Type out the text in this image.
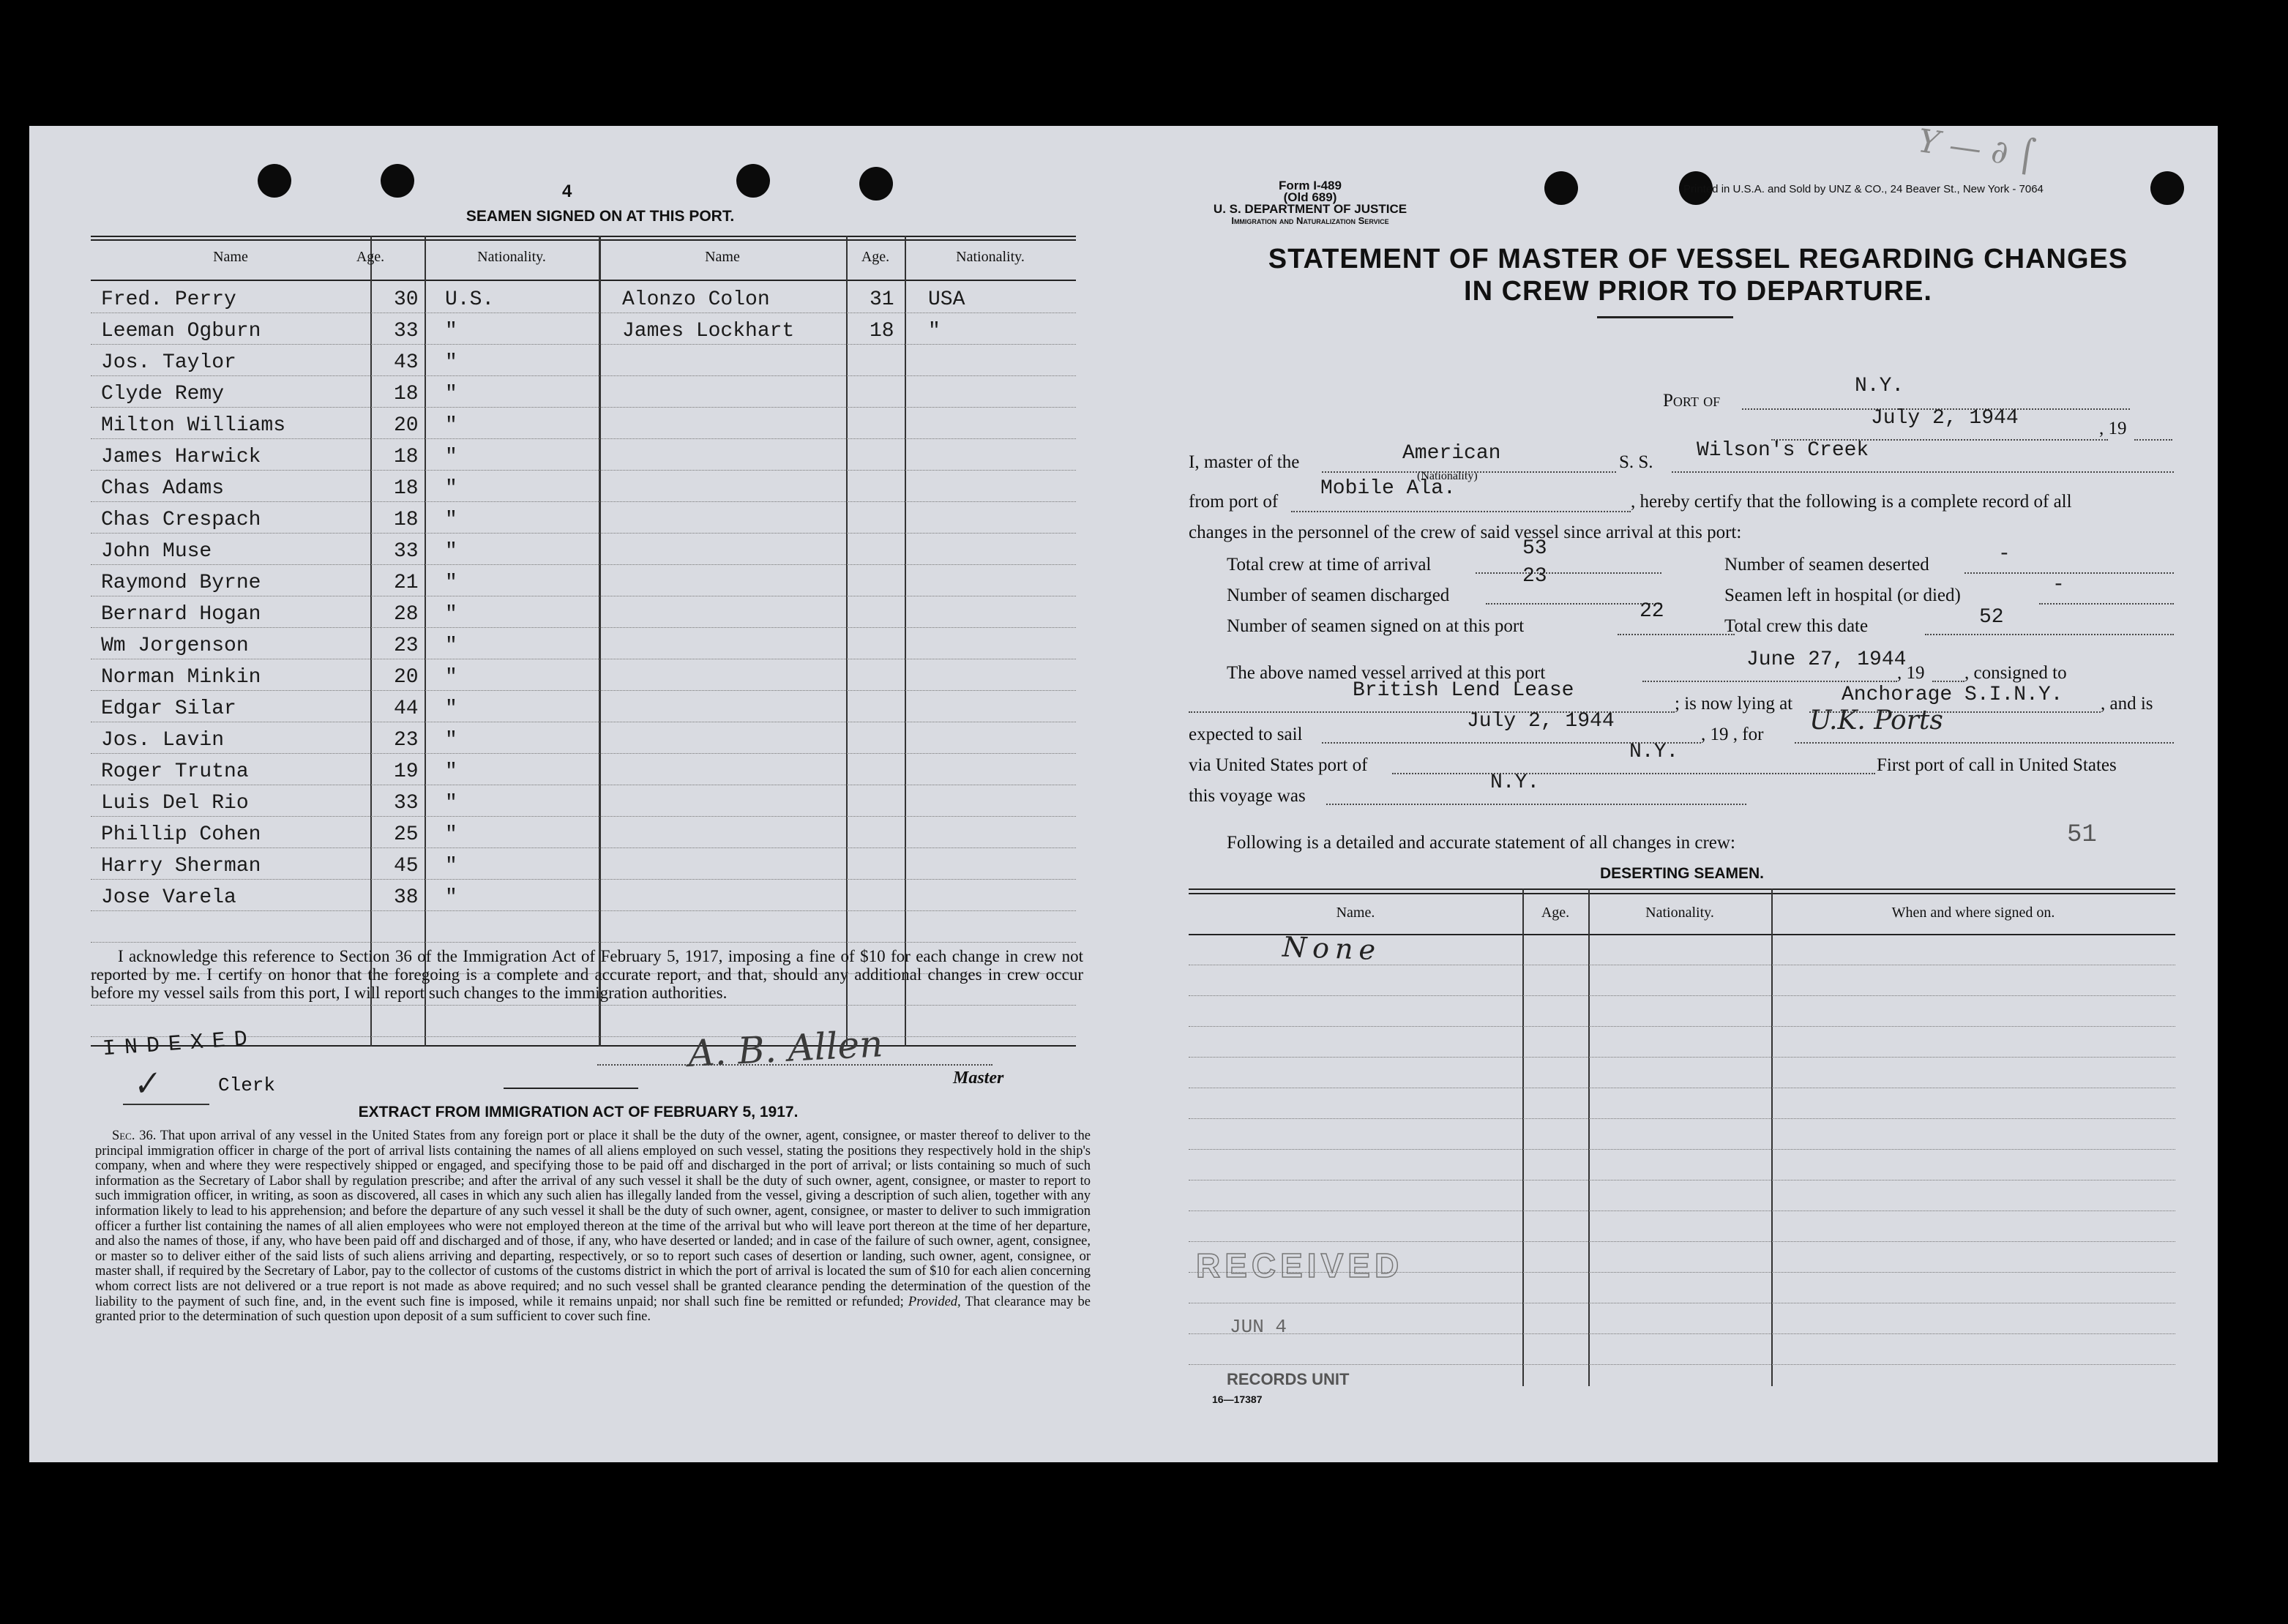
4
SEAMEN SIGNED ON AT THIS PORT.
Name	Age.	Nationality.	Name	Age.	Nationality.
Fred. Perry	30 U.S.	Alonzo Colon	31 USA
Leeman Ogburn	33 "	James Lockhart	18 "
Jos. Taylor	43 "
Clyde Remy	18 "
Milton Williams	20 "
James Harwick	18 "
Chas Adams	18 "
Chas Crespach	18 "
John Muse	33 "
Raymond Byrne	21 "
Bernard Hogan	28 "
Wm Jorgenson	23 "
Norman Minkin	20 "
Edgar Silar	44 "
Jos. Lavin	23 "
Roger Trutna	19 "
Luis Del Rio	33 "
Phillip Cohen	25 "
Harry Sherman	45 "
Jose Varela	38 "
I acknowledge this reference to Section 36 of the Immigration Act of February 5, 1917, imposing a fine of $10 for each change in crew not reported by me. I certify on honor that the foregoing is a complete and accurate report, and that, should any additional changes in crew occur before my vessel sails from this port, I will report such changes to the immigration authorities.
INDEXED
✓	Clerk
A. B. Allen
Master
EXTRACT FROM IMMIGRATION ACT OF FEBRUARY 5, 1917.
Sec. 36. That upon arrival of any vessel in the United States from any foreign port or place it shall be the duty of the owner, agent, consignee, or master thereof to deliver to the principal immigration officer in charge of the port of arrival lists containing the names of all aliens employed on such vessel, stating the positions they respectively hold in the ship's company, when and where they were respectively shipped or engaged, and specifying those to be paid off and discharged in the port of arrival; or lists containing so much of such information as the Secretary of Labor shall by regulation prescribe; and after the arrival of any such vessel it shall be the duty of such owner, agent, consignee, or master to report to such immigration officer, in writing, as soon as discovered, all cases in which any such alien has illegally landed from the vessel, giving a description of such alien, together with any information likely to lead to his apprehension; and before the departure of any such vessel it shall be the duty of such owner, agent, consignee, or master to deliver to such immigration officer a further list containing the names of all alien employees who were not employed thereon at the time of the arrival but who will leave port thereon at the time of her departure, and also the names of those, if any, who have been paid off and discharged and of those, if any, who have deserted or landed; and in case of the failure of such owner, agent, consignee, or master so to deliver either of the said lists of such aliens arriving and departing, respectively, or so to report such cases of desertion or landing, such owner, agent, consignee, or master shall, if required by the Secretary of Labor, pay to the collector of customs of the customs district in which the port of arrival is located the sum of $10 for each alien concerning whom correct lists are not delivered or a true report is not made as above required; and no such vessel shall be granted clearance pending the determination of the question of the liability to the payment of such fine, and, in the event such fine is imposed, while it remains unpaid; nor shall such fine be remitted or refunded; Provided, That clearance may be granted prior to the determination of such question upon deposit of a sum sufficient to cover such fine.
Form I-489
(Old 689)
U. S. DEPARTMENT OF JUSTICE
Immigration and Naturalization Service
Printed in U.S.A. and Sold by UNZ & CO., 24 Beaver St., New York - 7064
Y — ∂ ⌠
STATEMENT OF MASTER OF VESSEL REGARDING CHANGES
IN CREW PRIOR TO DEPARTURE.
Port of
N.Y.
July 2, 1944	, 19
I, master of the	American
(Nationality)
S. S.
Wilson's Creek
from port of
Mobile Ala.
, hereby certify that the following is a complete record of all
changes in the personnel of the crew of said vessel since arrival at this port:
Total crew at time of arrival
53
Number of seamen deserted	-
Number of seamen discharged
23
Seamen left in hospital (or died)	-
Number of seamen signed on at this port
22
Total crew this date	52
The above named vessel arrived at this port
June 27, 1944
, 19 , consigned to
British Lend Lease
; is now lying at Anchorage S.I.N.Y. , and is
expected to sail
July 2, 1944
, 19 , for U.K. Ports
via United States port of
N.Y.
First port of call in United States
this voyage was
N.Y.
Following is a detailed and accurate statement of all changes in crew:	51
DESERTING SEAMEN.
Name.	Age.	Nationality.	When and where signed on.
None
RECEIVED
JUN 4
RECORDS UNIT
16—17387
